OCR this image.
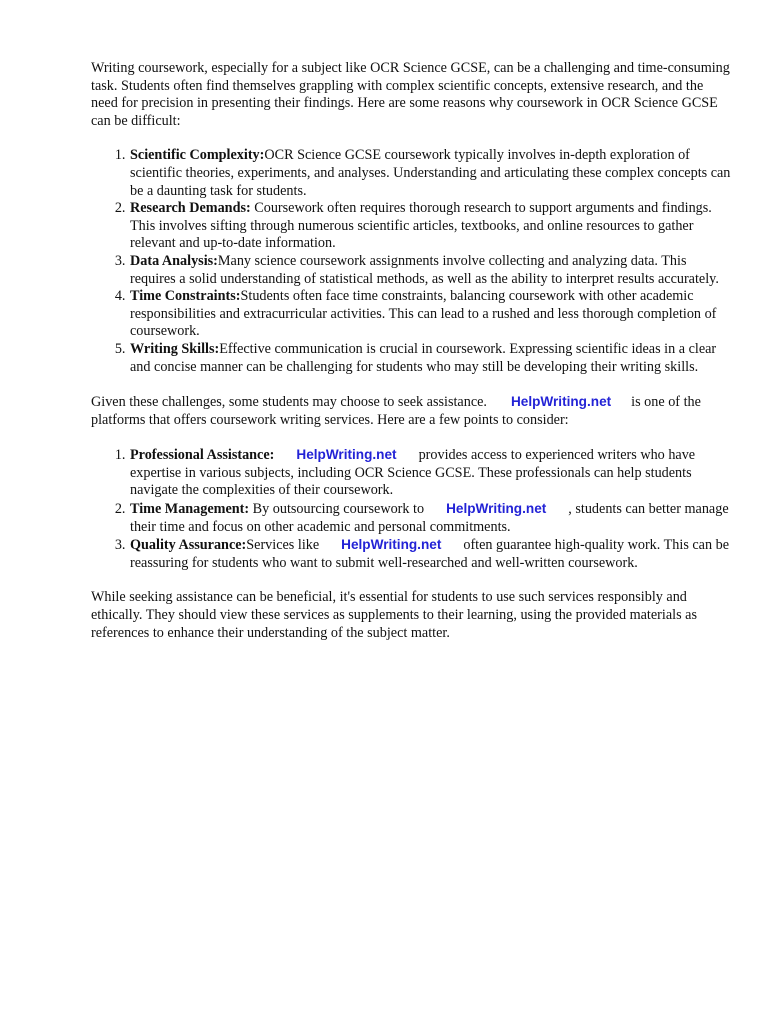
Writing coursework, especially for a subject like OCR Science GCSE, can be a challenging and time-consuming task. Students often find themselves grappling with complex scientific concepts, extensive research, and the need for precision in presenting their findings. Here are some reasons why coursework in OCR Science GCSE can be difficult:

1. Scientific Complexity:OCR Science GCSE coursework typically involves in-depth exploration of scientific theories, experiments, and analyses. Understanding and articulating these complex concepts can be a daunting task for students.
2. Research Demands: Coursework often requires thorough research to support arguments and findings. This involves sifting through numerous scientific articles, textbooks, and online resources to gather relevant and up-to-date information.
3. Data Analysis:Many science coursework assignments involve collecting and analyzing data. This requires a solid understanding of statistical methods, as well as the ability to interpret results accurately.
4. Time Constraints:Students often face time constraints, balancing coursework with other academic responsibilities and extracurricular activities. This can lead to a rushed and less thorough completion of coursework.
5. Writing Skills:Effective communication is crucial in coursework. Expressing scientific ideas in a clear and concise manner can be challenging for students who may still be developing their writing skills.

Given these challenges, some students may choose to seek assistance. HelpWriting.net is one of the platforms that offers coursework writing services. Here are a few points to consider:

1. Professional Assistance: HelpWriting.net provides access to experienced writers who have expertise in various subjects, including OCR Science GCSE. These professionals can help students navigate the complexities of their coursework.
2. Time Management: By outsourcing coursework to HelpWriting.net , students can better manage their time and focus on other academic and personal commitments.
3. Quality Assurance:Services like HelpWriting.net often guarantee high-quality work. This can be reassuring for students who want to submit well-researched and well-written coursework.

While seeking assistance can be beneficial, it's essential for students to use such services responsibly and ethically. They should view these services as supplements to their learning, using the provided materials as references to enhance their understanding of the subject matter.
